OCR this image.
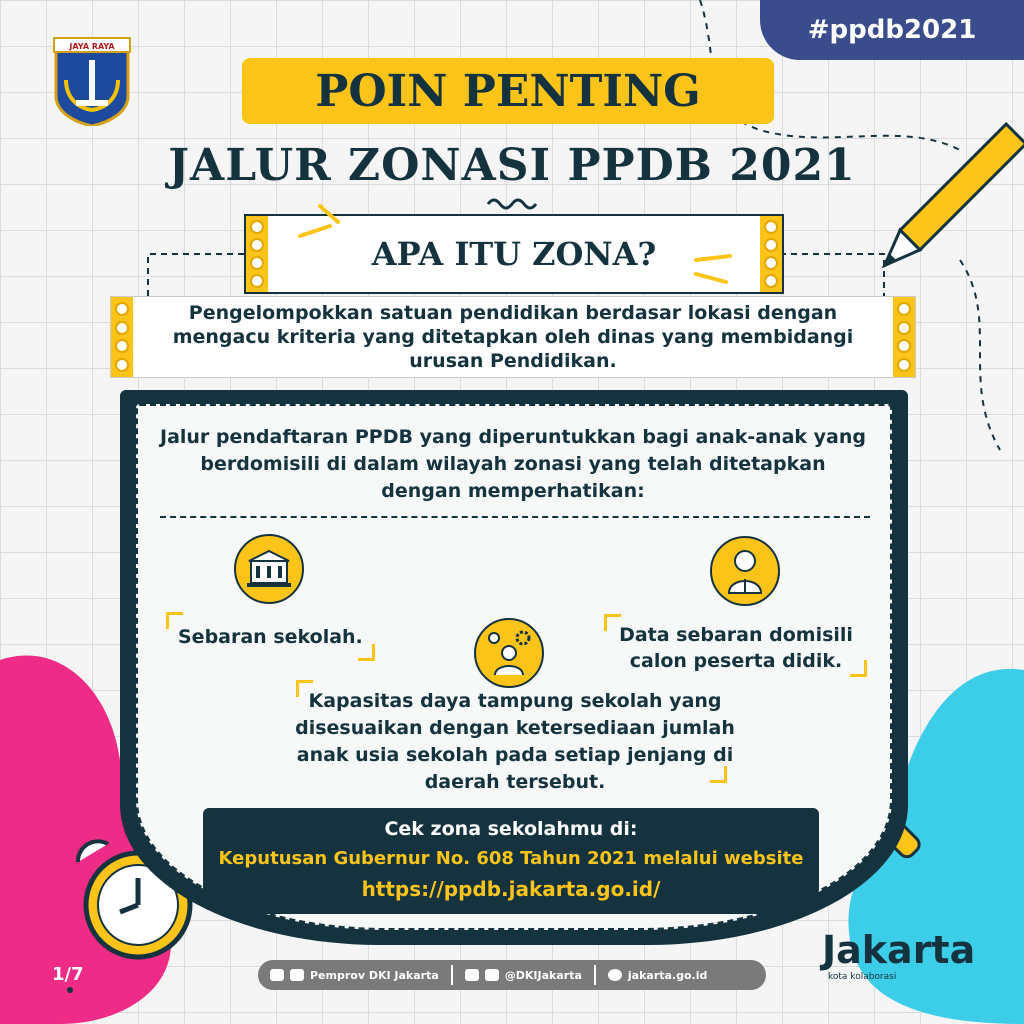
#ppdb2021
JAYA RAYA
POIN PENTING
JALUR ZONASI PPDB 2021
APA ITU ZONA?
Pengelompokkan satuan pendidikan berdasar lokasi dengan mengacu kriteria yang ditetapkan oleh dinas yang membidangi urusan Pendidikan.
Jalur pendaftaran PPDB yang diperuntukkan bagi anak-anak yang berdomisili di dalam wilayah zonasi yang telah ditetapkan dengan memperhatikan:
Sebaran sekolah.	Data sebaran domisili calon peserta didik.
Kapasitas daya tampung sekolah yang disesuaikan dengan ketersediaan jumlah anak usia sekolah pada setiap jenjang di daerah tersebut.
Cek zona sekolahmu di:
Keputusan Gubernur No. 608 Tahun 2021 melalui website
https://ppdb.jakarta.go.id/
1/7	Pemprov DKI Jakarta	@DKIJakarta	jakarta.go.id
Jakarta
kota kolaborasi
